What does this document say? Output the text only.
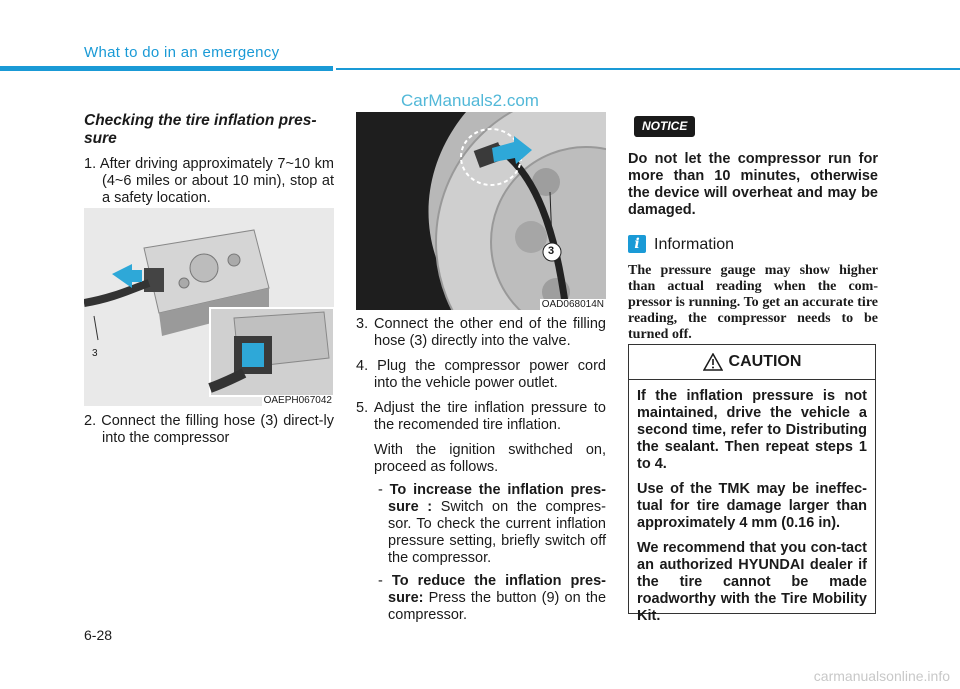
What to do in an emergency
CarManuals2.com
Checking the tire inflation pres-sure
1. After driving approximately 7~10 km (4~6 miles or about 10 min), stop at a safety location.
3
OAEPH067042
2. Connect the filling hose (3) direct-ly into the compressor
3
OAD068014N
3. Connect the other end of the filling hose (3) directly into the valve.
4. Plug the compressor power cord into the vehicle power outlet.
5. Adjust the tire inflation pressure to the recomended tire inflation.
With the ignition swithched on, proceed as follows.
- To increase the inflation pres-sure : Switch on the compres-sor. To check the current inflation pressure setting, briefly switch off the compressor.
- To reduce the inflation pres-sure: Press the button (9) on the compressor.
NOTICE
Do not let the compressor run for more than 10 minutes, otherwise the device will overheat and may be damaged.
i Information
The pressure gauge may show higher than actual reading when the com-pressor is running. To get an accurate tire reading, the compressor needs to be turned off.
CAUTION

If the inflation pressure is not maintained, drive the vehicle a second time, refer to Distributing the sealant. Then repeat steps 1 to 4.

Use of the TMK may be ineffec-tual for tire damage larger than approximately 4 mm (0.16 in).

We recommend that you con-tact an authorized HYUNDAI dealer if the tire cannot be made roadworthy with the Tire Mobility Kit.

6-28
carmanualsonline.info
